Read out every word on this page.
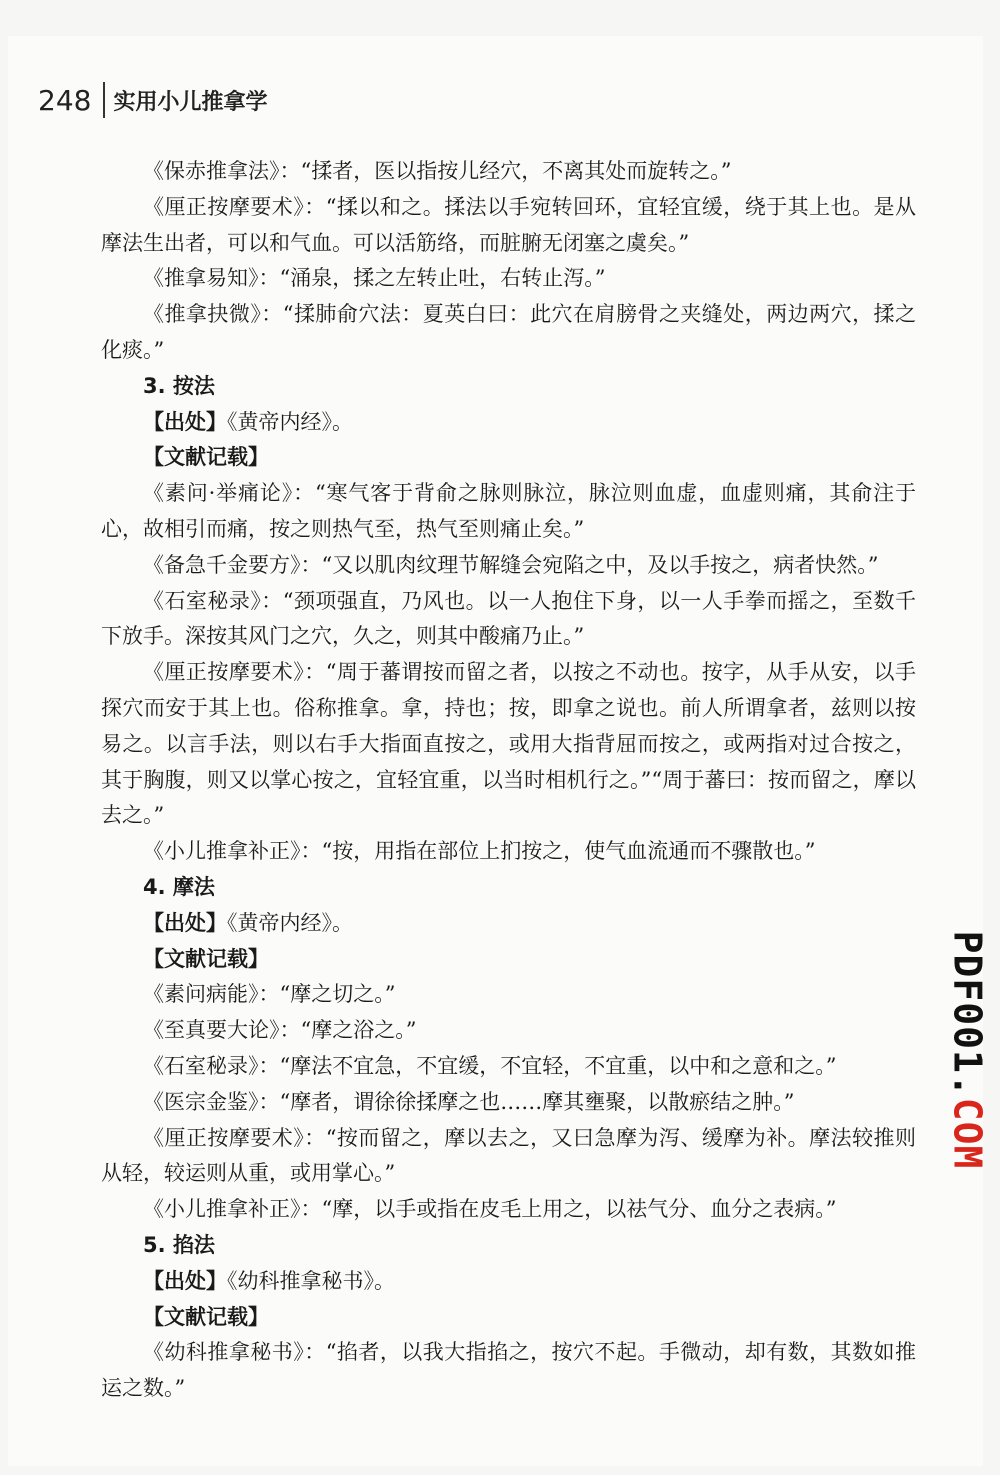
248 实用小儿推拿学

《保赤推拿法》：“揉者，医以指按儿经穴，不离其处而旋转之。”

《厘正按摩要术》：“揉以和之。揉法以手宛转回环，宜轻宜缓，绕于其上也。是从摩法生出者，可以和气血。可以活筋络，而脏腑无闭塞之虞矣。”

《推拿易知》：“涌泉，揉之左转止吐，右转止泻。”

《推拿抉微》：“揉肺俞穴法：夏英白曰：此穴在肩膀骨之夹缝处，两边两穴，揉之化痰。”

3. 按法

【出处】《黄帝内经》。

【文献记载】

《素问·举痛论》：“寒气客于背俞之脉则脉泣，脉泣则血虚，血虚则痛，其俞注于心，故相引而痛，按之则热气至，热气至则痛止矣。”

《备急千金要方》：“又以肌肉纹理节解缝会宛陷之中，及以手按之，病者快然。”

《石室秘录》：“颈项强直，乃风也。以一人抱住下身，以一人手拳而摇之，至数千下放手。深按其风门之穴，久之，则其中酸痛乃止。”

《厘正按摩要术》：“周于蕃谓按而留之者，以按之不动也。按字，从手从安，以手探穴而安于其上也。俗称推拿。拿，持也；按，即拿之说也。前人所谓拿者，兹则以按易之。以言手法，则以右手大指面直按之，或用大指背屈而按之，或两指对过合按之，其于胸腹，则又以掌心按之，宜轻宜重，以当时相机行之。”“周于蕃曰：按而留之，摩以去之。”

《小儿推拿补正》：“按，用指在部位上扪按之，使气血流通而不骤散也。”

4. 摩法

【出处】《黄帝内经》。

【文献记载】

《素问病能》：“摩之切之。”

《至真要大论》：“摩之浴之。”

《石室秘录》：“摩法不宜急，不宜缓，不宜轻，不宜重，以中和之意和之。”

《医宗金鉴》：“摩者，谓徐徐揉摩之也……摩其壅聚，以散瘀结之肿。”

《厘正按摩要术》：“按而留之，摩以去之，又曰急摩为泻、缓摩为补。摩法较推则从轻，较运则从重，或用掌心。”

《小儿推拿补正》：“摩，以手或指在皮毛上用之，以祛气分、血分之表病。”

5. 掐法

【出处】《幼科推拿秘书》。

【文献记载】

《幼科推拿秘书》：“掐者，以我大指掐之，按穴不起。手微动，却有数，其数如推运之数。”

PDF001.COM
